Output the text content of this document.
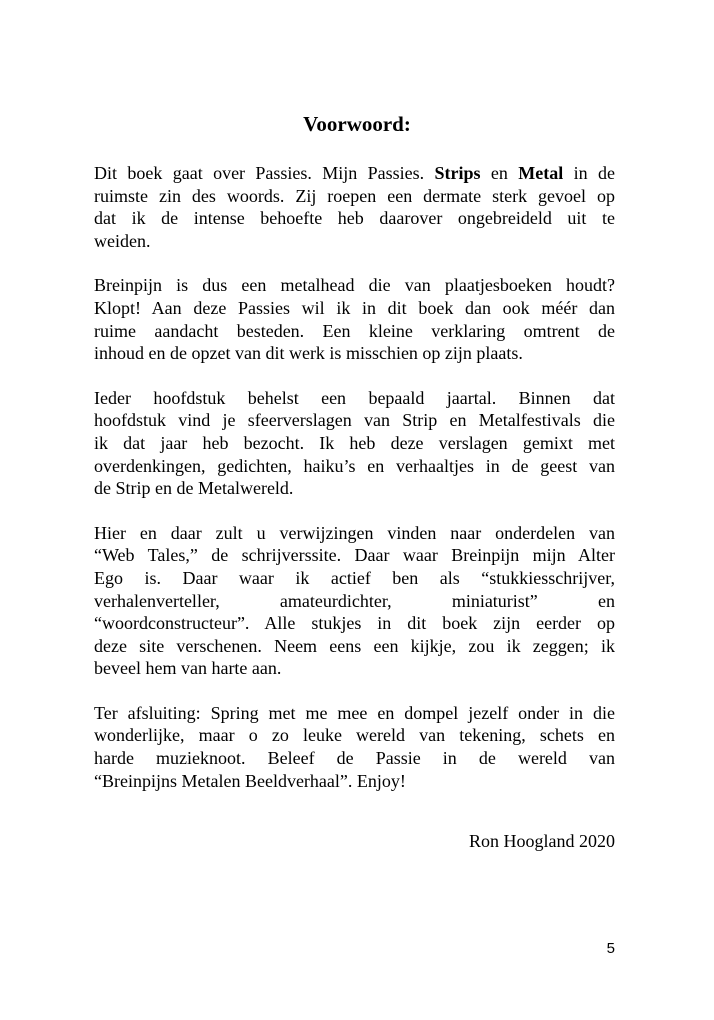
Voorwoord:

Dit boek gaat over Passies. Mijn Passies. Strips en Metal in de
ruimste zin des woords. Zij roepen een dermate sterk gevoel op
dat ik de intense behoefte heb daarover ongebreideld uit te
weiden.

Breinpijn is dus een metalhead die van plaatjesboeken houdt?
Klopt! Aan deze Passies wil ik in dit boek dan ook méér dan
ruime aandacht besteden. Een kleine verklaring omtrent de
inhoud en de opzet van dit werk is misschien op zijn plaats.

Ieder hoofdstuk behelst een bepaald jaartal. Binnen dat
hoofdstuk vind je sfeerverslagen van Strip en Metalfestivals die
ik dat jaar heb bezocht. Ik heb deze verslagen gemixt met
overdenkingen, gedichten, haiku’s en verhaaltjes in de geest van
de Strip en de Metalwereld.

Hier en daar zult u verwijzingen vinden naar onderdelen van
“Web Tales,” de schrijverssite. Daar waar Breinpijn mijn Alter
Ego is. Daar waar ik actief ben als “stukkiesschrijver,
verhalenverteller, amateurdichter, miniaturist” en
“woordconstructeur”. Alle stukjes in dit boek zijn eerder op
deze site verschenen. Neem eens een kijkje, zou ik zeggen; ik
beveel hem van harte aan.

Ter afsluiting: Spring met me mee en dompel jezelf onder in die
wonderlijke, maar o zo leuke wereld van tekening, schets en
harde muzieknoot. Beleef de Passie in de wereld van
“Breinpijns Metalen Beeldverhaal”. Enjoy!

Ron Hoogland 2020

5
